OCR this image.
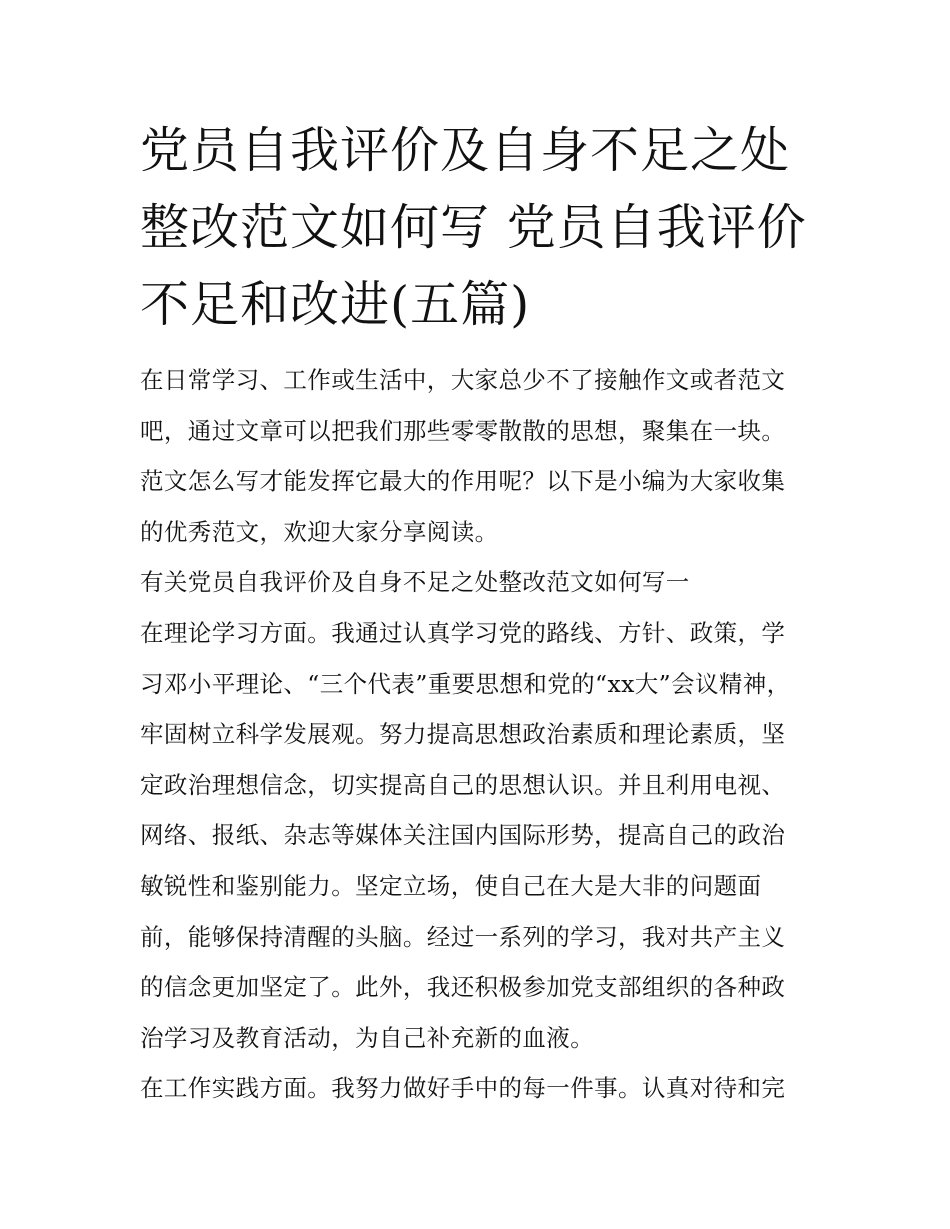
党员自我评价及自身不足之处
整改范文如何写 党员自我评价
不足和改进(五篇)
在日常学习、工作或生活中，大家总少不了接触作文或者范文
吧，通过文章可以把我们那些零零散散的思想，聚集在一块。
范文怎么写才能发挥它最大的作用呢？以下是小编为大家收集
的优秀范文，欢迎大家分享阅读。
有关党员自我评价及自身不足之处整改范文如何写一
在理论学习方面。我通过认真学习党的路线、方针、政策，学
习邓小平理论、“三个代表”重要思想和党的“xx大”会议精神，
牢固树立科学发展观。努力提高思想政治素质和理论素质，坚
定政治理想信念，切实提高自己的思想认识。并且利用电视、
网络、报纸、杂志等媒体关注国内国际形势，提高自己的政治
敏锐性和鉴别能力。坚定立场，使自己在大是大非的问题面
前，能够保持清醒的头脑。经过一系列的学习，我对共产主义
的信念更加坚定了。此外，我还积极参加党支部组织的各种政
治学习及教育活动，为自己补充新的血液。
在工作实践方面。我努力做好手中的每一件事。认真对待和完
